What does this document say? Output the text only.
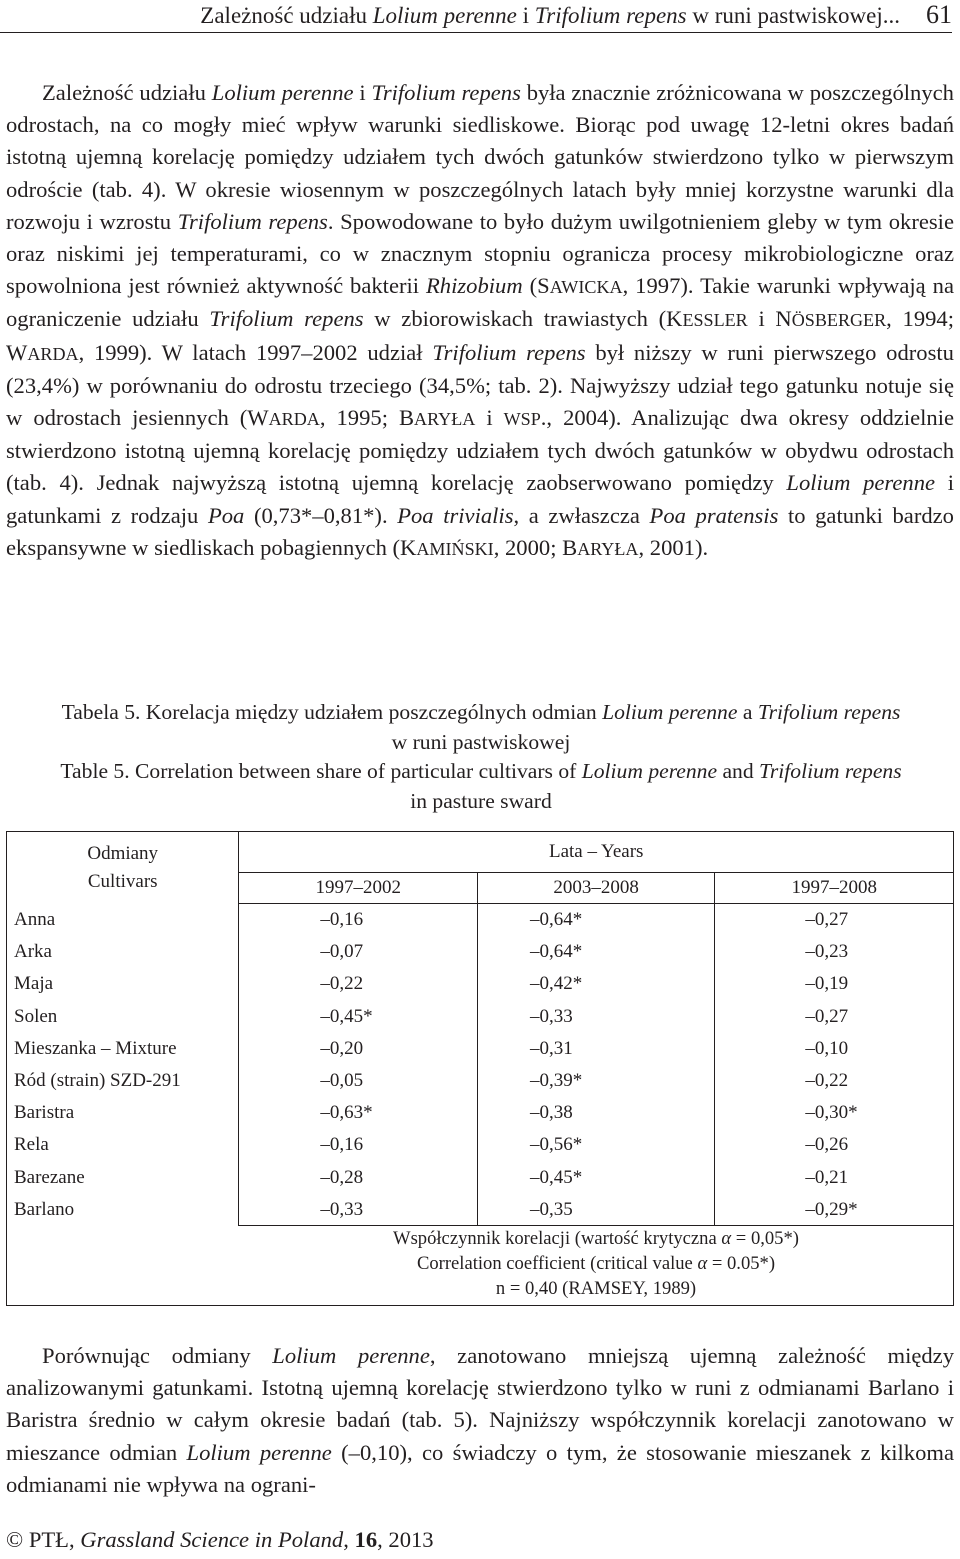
Zależność udziału Lolium perenne i Trifolium repens w runi pastwiskowej... 61

Zależność udziału Lolium perenne i Trifolium repens była znacznie zróżnicowana w poszczególnych odrostach, na co mogły mieć wpływ warunki siedliskowe. Biorąc pod uwagę 12-letni okres badań istotną ujemną korelację pomiędzy udziałem tych dwóch gatunków stwierdzono tylko w pierwszym odroście (tab. 4). W okresie wiosennym w poszczególnych latach były mniej korzystne warunki dla rozwoju i wzrostu Trifolium repens. Spowodowane to było dużym uwilgotnieniem gleby w tym okresie oraz niskimi jej temperaturami, co w znacznym stopniu ogranicza procesy mikrobiologiczne oraz spowolniona jest również aktywność bakterii Rhizobium (SAWICKA, 1997). Takie warunki wpływają na ograniczenie udziału Trifolium repens w zbiorowiskach trawiastych (KESSLER i NÖSBERGER, 1994; WARDA, 1999). W latach 1997–2002 udział Trifolium repens był niższy w runi pierwszego odrostu (23,4%) w porównaniu do odrostu trzeciego (34,5%; tab. 2). Najwyższy udział tego gatunku notuje się w odrostach jesiennych (WARDA, 1995; BARYŁA i WSP., 2004). Analizując dwa okresy oddzielnie stwierdzono istotną ujemną korelację pomiędzy udziałem tych dwóch gatunków w obydwu odrostach (tab. 4). Jednak najwyższą istotną ujemną korelację zaobserwowano pomiędzy Lolium perenne i gatunkami z rodzaju Poa (0,73*–0,81*). Poa trivialis, a zwłaszcza Poa pratensis to gatunki bardzo ekspansywne w siedliskach pobagiennych (KAMIŃSKI, 2000; BARYŁA, 2001).

Tabela 5. Korelacja między udziałem poszczególnych odmian Lolium perenne a Trifolium repens
w runi pastwiskowej
Table 5. Correlation between share of particular cultivars of Lolium perenne and Trifolium repens
in pasture sward
Odmiany
Cultivars	Lata – Years		
	1997–2002	2003–2008	1997–2008
Anna	–0,16	–0,64*	–0,27
Arka	–0,07	–0,64*	–0,23
Maja	–0,22	–0,42*	–0,19
Solen	–0,45*	–0,33	–0,27
Mieszanka – Mixture	–0,20	–0,31	–0,10
Ród (strain) SZD-291	–0,05	–0,39*	–0,22
Baristra	–0,63*	–0,38	–0,30*
Rela	–0,16	–0,56*	–0,26
Barezane	–0,28	–0,45*	–0,21
Barlano	–0,33	–0,35	–0,29*
Współczynnik korelacji (wartość krytyczna α = 0,05*)
Correlation coefficient (critical value α = 0.05*)
n = 0,40 (RAMSEY, 1989)

Porównując odmiany Lolium perenne, zanotowano mniejszą ujemną zależność między analizowanymi gatunkami. Istotną ujemną korelację stwierdzono tylko w runi z odmianami Barlano i Baristra średnio w całym okresie badań (tab. 5). Najniższy współczynnik korelacji zanotowano w mieszance odmian Lolium perenne (–0,10), co świadczy o tym, że stosowanie mieszanek z kilkoma odmianami nie wpływa na ograni-

© PTŁ, Grassland Science in Poland, 16, 2013
